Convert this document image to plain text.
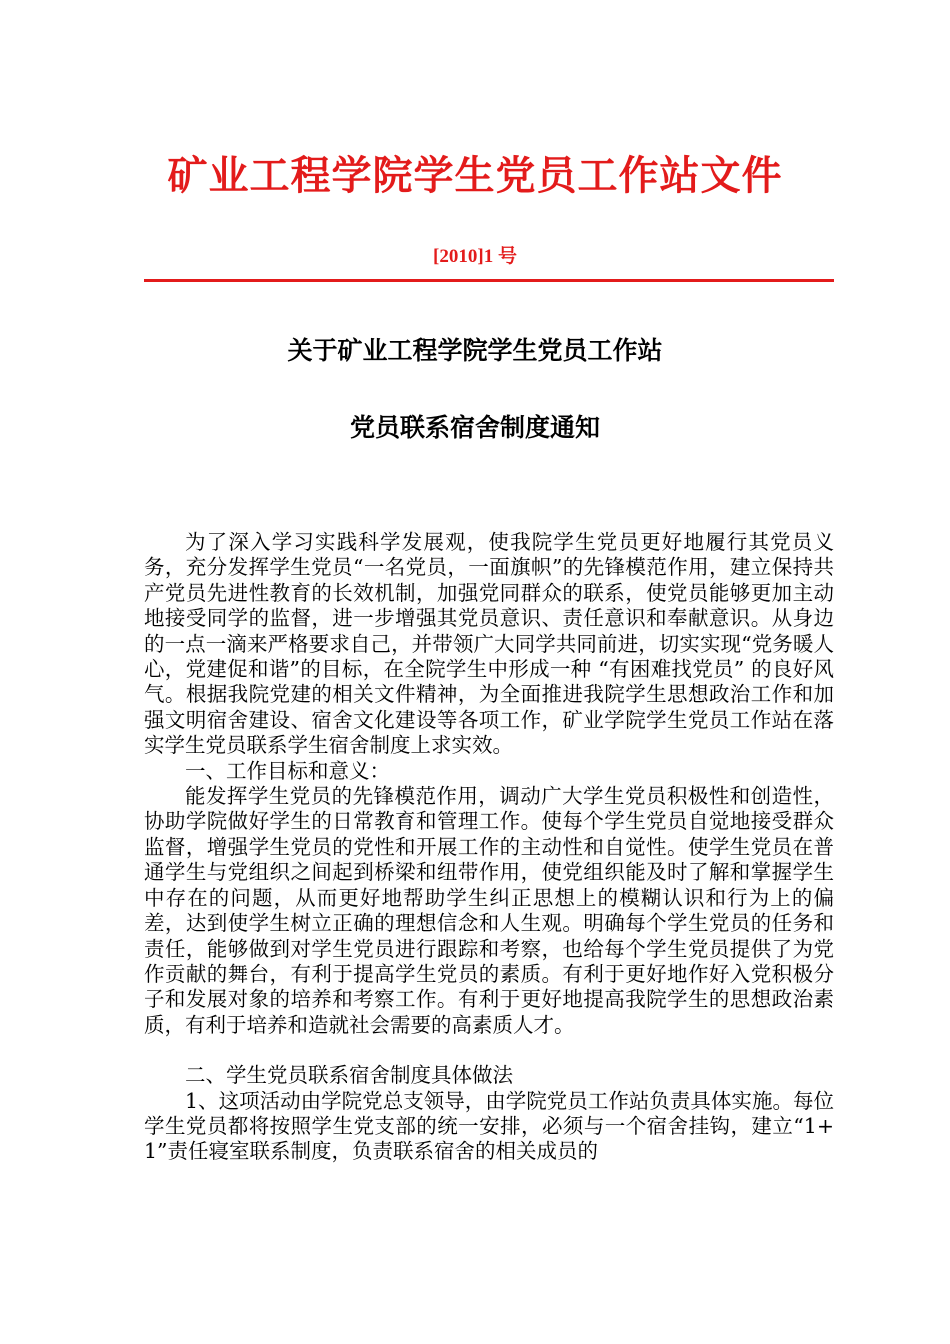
矿业工程学院学生党员工作站文件
[2010]1 号
关于矿业工程学院学生党员工作站
党员联系宿舍制度通知

为了深入学习实践科学发展观，使我院学生党员更好地履行其党员义务，充分发挥学生党员“一名党员，一面旗帜”的先锋模范作用，建立保持共产党员先进性教育的长效机制，加强党同群众的联系，使党员能够更加主动地接受同学的监督，进一步增强其党员意识、责任意识和奉献意识。从身边的一点一滴来严格要求自己，并带领广大同学共同前进，切实实现“党务暖人心，党建促和谐”的目标，在全院学生中形成一种 “有困难找党员” 的良好风气。根据我院党建的相关文件精神，为全面推进我院学生思想政治工作和加强文明宿舍建设、宿舍文化建设等各项工作，矿业学院学生党员工作站在落实学生党员联系学生宿舍制度上求实效。

一、工作目标和意义：

能发挥学生党员的先锋模范作用，调动广大学生党员积极性和创造性，协助学院做好学生的日常教育和管理工作。使每个学生党员自觉地接受群众监督，增强学生党员的党性和开展工作的主动性和自觉性。使学生党员在普通学生与党组织之间起到桥梁和纽带作用，使党组织能及时了解和掌握学生中存在的问题，从而更好地帮助学生纠正思想上的模糊认识和行为上的偏差，达到使学生树立正确的理想信念和人生观。明确每个学生党员的任务和责任，能够做到对学生党员进行跟踪和考察，也给每个学生党员提供了为党作贡献的舞台，有利于提高学生党员的素质。有利于更好地作好入党积极分子和发展对象的培养和考察工作。有利于更好地提高我院学生的思想政治素质，有利于培养和造就社会需要的高素质人才。

二、学生党员联系宿舍制度具体做法

1、这项活动由学院党总支领导，由学院党员工作站负责具体实施。每位学生党员都将按照学生党支部的统一安排，必须与一个宿舍挂钩，建立“1+1”责任寝室联系制度，负责联系宿舍的相关成员的
